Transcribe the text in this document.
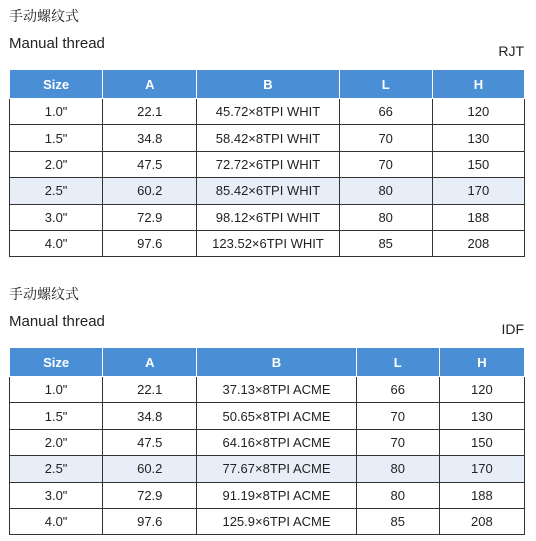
手动螺纹式
Manual thread	RJT
Size	A	B	L	H
1.0"	22.1	45.72×8TPI WHIT	66	120
1.5"	34.8	58.42×8TPI WHIT	70	130
2.0"	47.5	72.72×6TPI WHIT	70	150
2.5"	60.2	85.42×6TPI WHIT	80	170
3.0"	72.9	98.12×6TPI WHIT	80	188
4.0"	97.6	123.52×6TPI WHIT	85	208
手动螺纹式
Manual thread	IDF
Size	A	B	L	H
1.0"	22.1	37.13×8TPI ACME	66	120
1.5"	34.8	50.65×8TPI ACME	70	130
2.0"	47.5	64.16×8TPI ACME	70	150
2.5"	60.2	77.67×8TPI ACME	80	170
3.0"	72.9	91.19×8TPI ACME	80	188
4.0"	97.6	125.9×6TPI ACME	85	208
